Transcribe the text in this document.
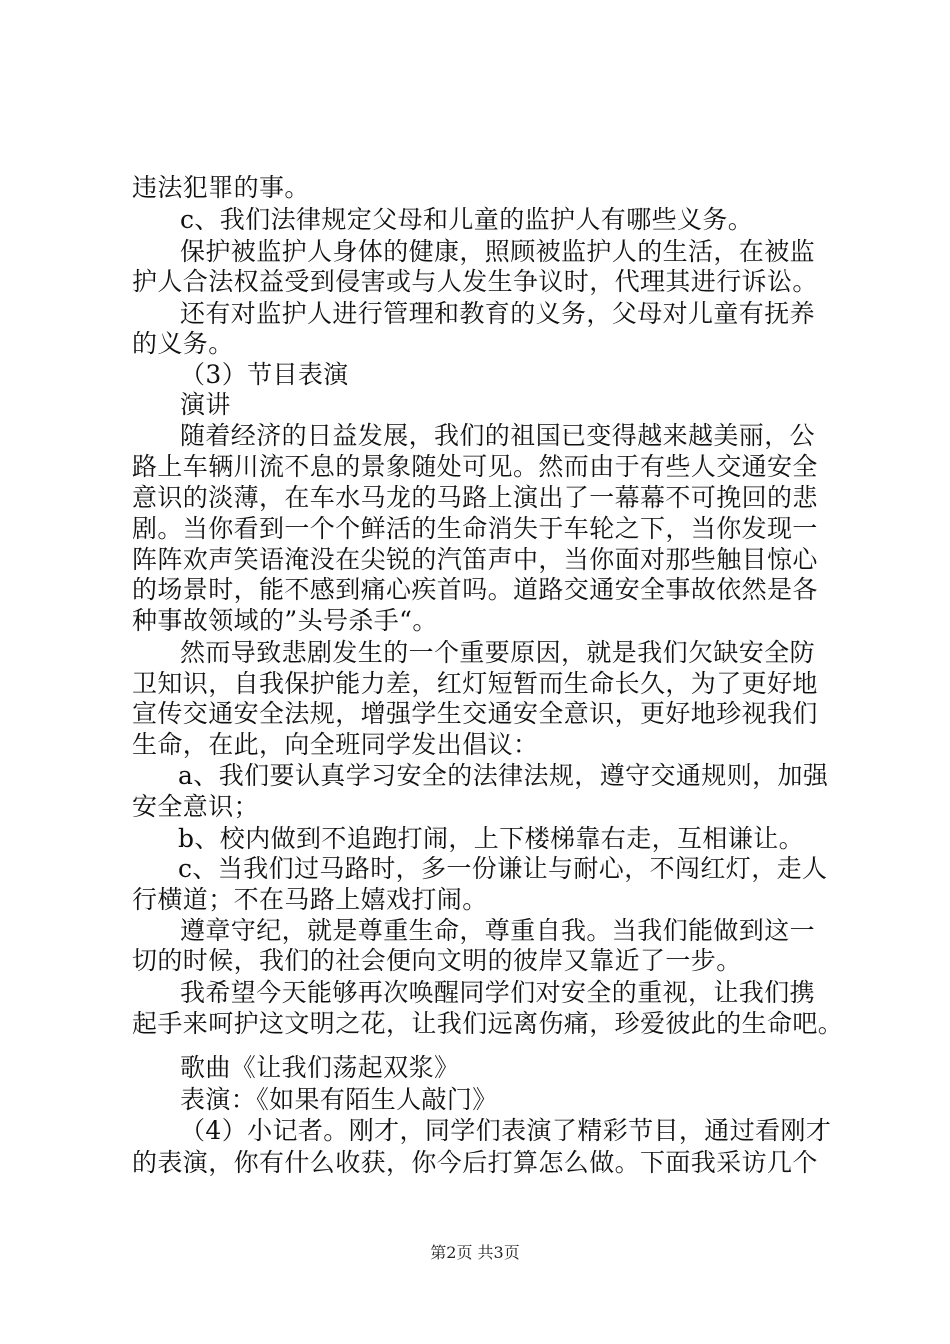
违法犯罪的事。
c、我们法律规定父母和儿童的监护人有哪些义务。
保护被监护人身体的健康，照顾被监护人的生活，在被监
护人合法权益受到侵害或与人发生争议时，代理其进行诉讼。
还有对监护人进行管理和教育的义务，父母对儿童有抚养
的义务。
（3）节目表演
演讲
随着经济的日益发展，我们的祖国已变得越来越美丽，公
路上车辆川流不息的景象随处可见。然而由于有些人交通安全
意识的淡薄，在车水马龙的马路上演出了一幕幕不可挽回的悲
剧。当你看到一个个鲜活的生命消失于车轮之下，当你发现一
阵阵欢声笑语淹没在尖锐的汽笛声中，当你面对那些触目惊心
的场景时，能不感到痛心疾首吗。道路交通安全事故依然是各
种事故领域的”头号杀手“。
然而导致悲剧发生的一个重要原因，就是我们欠缺安全防
卫知识，自我保护能力差，红灯短暂而生命长久，为了更好地
宣传交通安全法规，增强学生交通安全意识，更好地珍视我们
生命，在此，向全班同学发出倡议：
a、我们要认真学习安全的法律法规，遵守交通规则，加强
安全意识；
b、校内做到不追跑打闹，上下楼梯靠右走，互相谦让。
c、当我们过马路时，多一份谦让与耐心，不闯红灯，走人
行横道；不在马路上嬉戏打闹。
遵章守纪，就是尊重生命，尊重自我。当我们能做到这一
切的时候，我们的社会便向文明的彼岸又靠近了一步。
我希望今天能够再次唤醒同学们对安全的重视，让我们携
起手来呵护这文明之花，让我们远离伤痛，珍爱彼此的生命吧。
歌曲《让我们荡起双浆》
表演：《如果有陌生人敲门》
（4）小记者。刚才，同学们表演了精彩节目，通过看刚才
的表演，你有什么收获，你今后打算怎么做。下面我采访几个
第2页 共3页
